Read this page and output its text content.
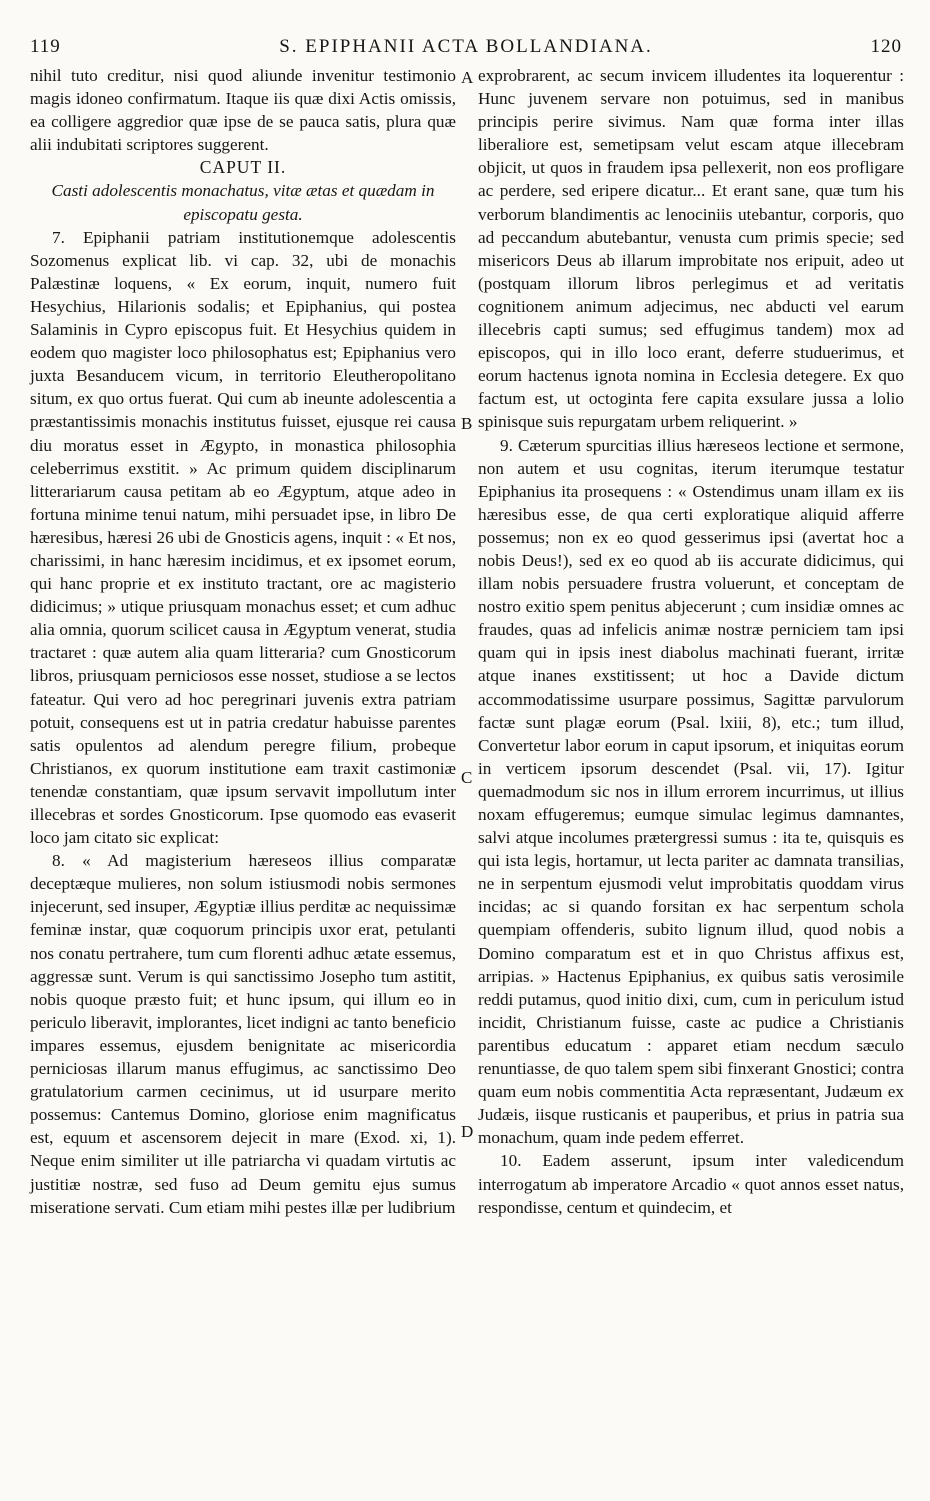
119	S. EPIPHANII ACTA BOLLANDIANA.	120

nihil tuto creditur, nisi quod aliunde invenitur testimonio magis idoneo confirmatum. Itaque iis quæ dixi Actis omissis, ea colligere aggredior quæ ipse de se pauca satis, plura quæ alii indubitati scriptores suggerent.

CAPUT II.

Casti adolescentis monachatus, vitæ ætas et quædam in episcopatu gesta.

7. Epiphanii patriam institutionemque adolescentis Sozomenus explicat lib. vi cap. 32, ubi de monachis Palæstinæ loquens, « Ex eorum, inquit, numero fuit Hesychius, Hilarionis sodalis; et Epiphanius, qui postea Salaminis in Cypro episcopus fuit. Et Hesychius quidem in eodem quo magister loco philosophatus est; Epiphanius vero juxta Besanducem vicum, in territorio Eleutheropolitano situm, ex quo ortus fuerat. Qui cum ab ineunte adolescentia a præstantissimis monachis institutus fuisset, ejusque rei causa diu moratus esset in Ægypto, in monastica philosophia celeberrimus exstitit. » Ac primum quidem disciplinarum litterariarum causa petitam ab eo Ægyptum, atque adeo in fortuna minime tenui natum, mihi persuadet ipse, in libro De hæresibus, hæresi 26 ubi de Gnosticis agens, inquit : « Et nos, charissimi, in hanc hæresim incidimus, et ex ipsomet eorum, qui hanc proprie et ex instituto tractant, ore ac magisterio didicimus; » utique priusquam monachus esset; et cum adhuc alia omnia, quorum scilicet causa in Ægyptum venerat, studia tractaret : quæ autem alia quam litteraria? cum Gnosticorum libros, priusquam perniciosos esse nosset, studiose a se lectos fateatur. Qui vero ad hoc peregrinari juvenis extra patriam potuit, consequens est ut in patria credatur habuisse parentes satis opulentos ad alendum peregre filium, probeque Christianos, ex quorum institutione eam traxit castimoniæ tenendæ constantiam, quæ ipsum servavit impollutum inter illecebras et sordes Gnosticorum. Ipse quomodo eas evaserit loco jam citato sic explicat:

8. « Ad magisterium hæreseos illius comparatæ deceptæque mulieres, non solum istiusmodi nobis sermones injecerunt, sed insuper, Ægyptiæ illius perditæ ac nequissimæ feminæ instar, quæ coquorum principis uxor erat, petulanti nos conatu pertrahere, tum cum florenti adhuc ætate essemus, aggressæ sunt. Verum is qui sanctissimo Josepho tum astitit, nobis quoque præsto fuit; et hunc ipsum, qui illum eo in periculo liberavit, implorantes, licet indigni ac tanto beneficio impares essemus, ejusdem benignitate ac misericordia perniciosas illarum manus effugimus, ac sanctissimo Deo gratulatorium carmen cecinimus, ut id usurpare merito possemus: Cantemus Domino, gloriose enim magnificatus est, equum et ascensorem dejecit in mare (Exod. xi, 1). Neque enim similiter ut ille patriarcha vi quadam virtutis ac justitiæ nostræ, sed fuso ad Deum gemitu ejus sumus miseratione servati. Cum etiam mihi pestes illæ per ludibrium

A
B
C
D

exprobrarent, ac secum invicem illudentes ita loquerentur : Hunc juvenem servare non potuimus, sed in manibus principis perire sivimus. Nam quæ forma inter illas liberaliore est, semetipsam velut escam atque illecebram objicit, ut quos in fraudem ipsa pellexerit, non eos profligare ac perdere, sed eripere dicatur... Et erant sane, quæ tum his verborum blandimentis ac lenociniis utebantur, corporis, quo ad peccandum abutebantur, venusta cum primis specie; sed misericors Deus ab illarum improbitate nos eripuit, adeo ut (postquam illorum libros perlegimus et ad veritatis cognitionem animum adjecimus, nec abducti vel earum illecebris capti sumus; sed effugimus tandem) mox ad episcopos, qui in illo loco erant, deferre studuerimus, et eorum hactenus ignota nomina in Ecclesia detegere. Ex quo factum est, ut octoginta fere capita exsulare jussa a lolio spinisque suis repurgatam urbem reliquerint. »

9. Cæterum spurcitias illius hæreseos lectione et sermone, non autem et usu cognitas, iterum iterumque testatur Epiphanius ita prosequens : « Ostendimus unam illam ex iis hæresibus esse, de qua certi exploratique aliquid afferre possemus; non ex eo quod gesserimus ipsi (avertat hoc a nobis Deus!), sed ex eo quod ab iis accurate didicimus, qui illam nobis persuadere frustra voluerunt, et conceptam de nostro exitio spem penitus abjecerunt ; cum insidiæ omnes ac fraudes, quas ad infelicis animæ nostræ perniciem tam ipsi quam qui in ipsis inest diabolus machinati fuerant, irritæ atque inanes exstitissent; ut hoc a Davide dictum accommodatissime usurpare possimus, Sagittæ parvulorum factæ sunt plagæ eorum (Psal. lxiii, 8), etc.; tum illud, Convertetur labor eorum in caput ipsorum, et iniquitas eorum in verticem ipsorum descendet (Psal. vii, 17). Igitur quemadmodum sic nos in illum errorem incurrimus, ut illius noxam effugeremus; eumque simulac legimus damnantes, salvi atque incolumes prætergressi sumus : ita te, quisquis es qui ista legis, hortamur, ut lecta pariter ac damnata transilias, ne in serpentum ejusmodi velut improbitatis quoddam virus incidas; ac si quando forsitan ex hac serpentum schola quempiam offenderis, subito lignum illud, quod nobis a Domino comparatum est et in quo Christus affixus est, arripias. » Hactenus Epiphanius, ex quibus satis verosimile reddi putamus, quod initio dixi, cum, cum in periculum istud incidit, Christianum fuisse, caste ac pudice a Christianis parentibus educatum : apparet etiam necdum sæculo renuntiasse, de quo talem spem sibi finxerant Gnostici; contra quam eum nobis commentitia Acta repræsentant, Judæum ex Judæis, iisque rusticanis et pauperibus, et prius in patria sua monachum, quam inde pedem efferret.

10. Eadem asserunt, ipsum inter valedicendum interrogatum ab imperatore Arcadio « quot annos esset natus, respondisse, centum et quindecim, et
